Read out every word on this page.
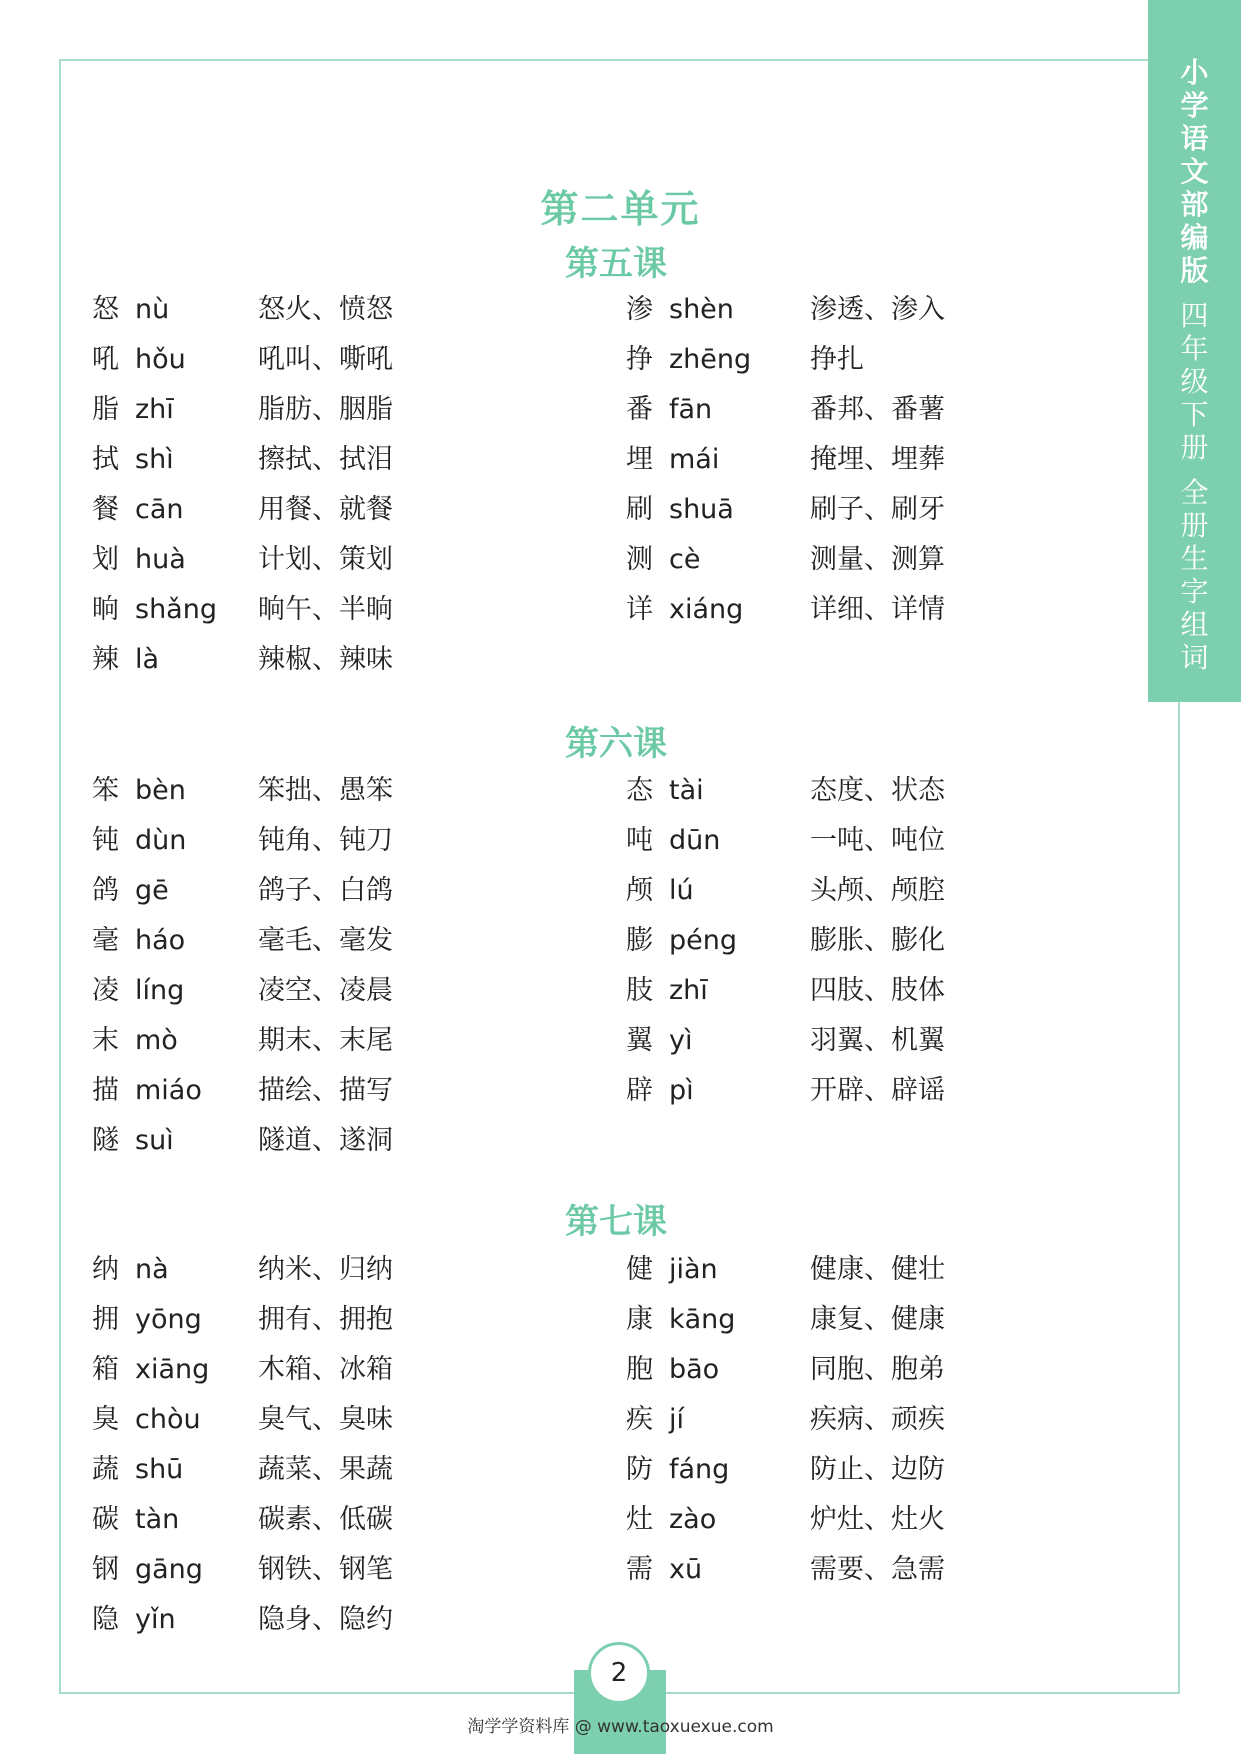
小学语文部编版
四年级下册
全册生字组词
第二单元
第五课
怒 nù	怒火、愤怒	渗 shèn	渗透、渗入
吼 hǒu	吼叫、嘶吼	挣 zhēng 挣扎
脂 zhī	脂肪、胭脂	番 fān	番邦、番薯
拭 shì	擦拭、拭泪	埋 mái	掩埋、埋葬
餐 cān	用餐、就餐	刷 shuā	刷子、刷牙
划 huà	计划、策划	测 cè	测量、测算
晌 shǎng 晌午、半晌	详 xiáng 详细、详情
辣 là	辣椒、辣味
第六课
笨 bèn	笨拙、愚笨	态 tài	态度、状态
钝 dùn	钝角、钝刀	吨 dūn	一吨、吨位
鸽 gē	鸽子、白鸽	颅 lú	头颅、颅腔
毫 háo	毫毛、毫发	膨 péng	膨胀、膨化
凌 líng	凌空、凌晨	肢 zhī	四肢、肢体
末 mò	期末、末尾	翼 yì	羽翼、机翼
描 miáo 描绘、描写	辟 pì	开辟、辟谣
隧 suì	隧道、遂洞
第七课
纳 nà	纳米、归纳	健 jiàn	健康、健壮
拥 yōng 拥有、拥抱	康 kāng	康复、健康
箱 xiāng 木箱、冰箱	胞 bāo	同胞、胞弟
臭 chòu 臭气、臭味	疾 jí	疾病、顽疾
蔬 shū	蔬菜、果蔬	防 fáng	防止、边防
碳 tàn	碳素、低碳	灶 zào	炉灶、灶火
钢 gāng 钢铁、钢笔	需 xū	需要、急需
隐 yǐn	隐身、隐约
2
淘学学资料库 @ www.taoxuexue.com
